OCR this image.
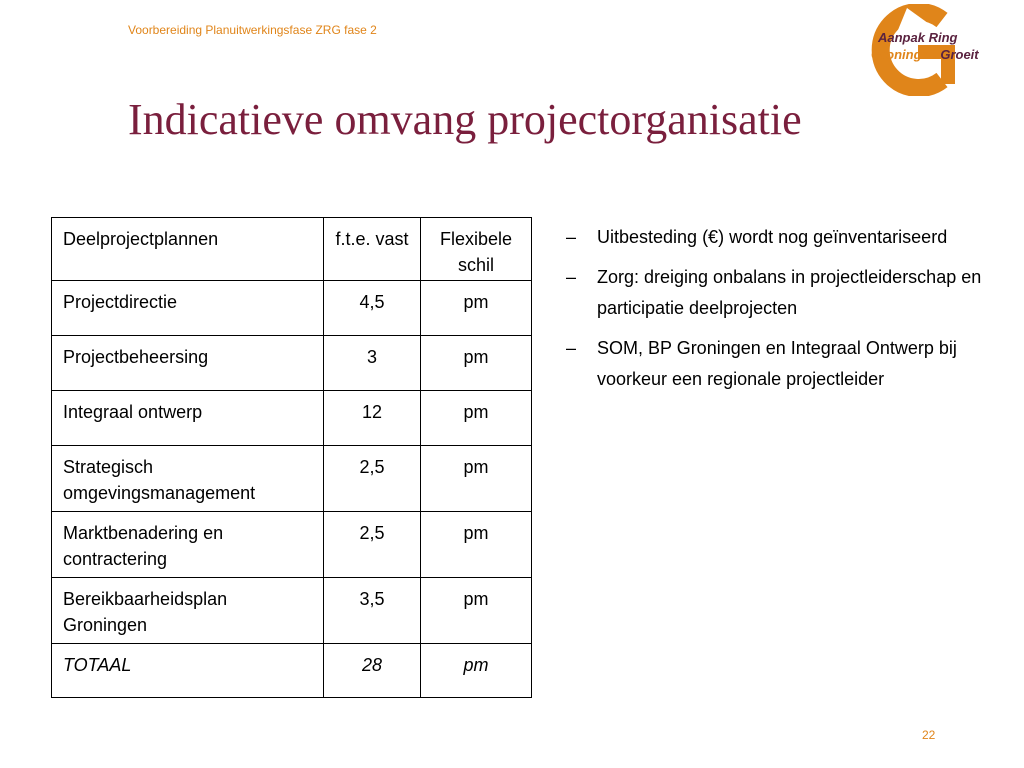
Voorbereiding Planuitwerkingsfase ZRG fase 2	Aanpak Ring
Groningen Groeit
Indicatieve omvang projectorganisatie
Deelprojectplannen	f.t.e. vast	Flexibele schil
Projectdirectie	4,5	pm
Projectbeheersing	3	pm
Integraal ontwerp	12	pm
Strategisch omgevingsmanagement	2,5	pm
Marktbenadering en contractering	2,5	pm
Bereikbaarheidsplan Groningen	3,5	pm
TOTAAL	28	pm
– Uitbesteding (€) wordt nog geïnventariseerd
– Zorg: dreiging onbalans in projectleiderschap en participatie deelprojecten
– SOM, BP Groningen en Integraal Ontwerp bij voorkeur een regionale projectleider
22
